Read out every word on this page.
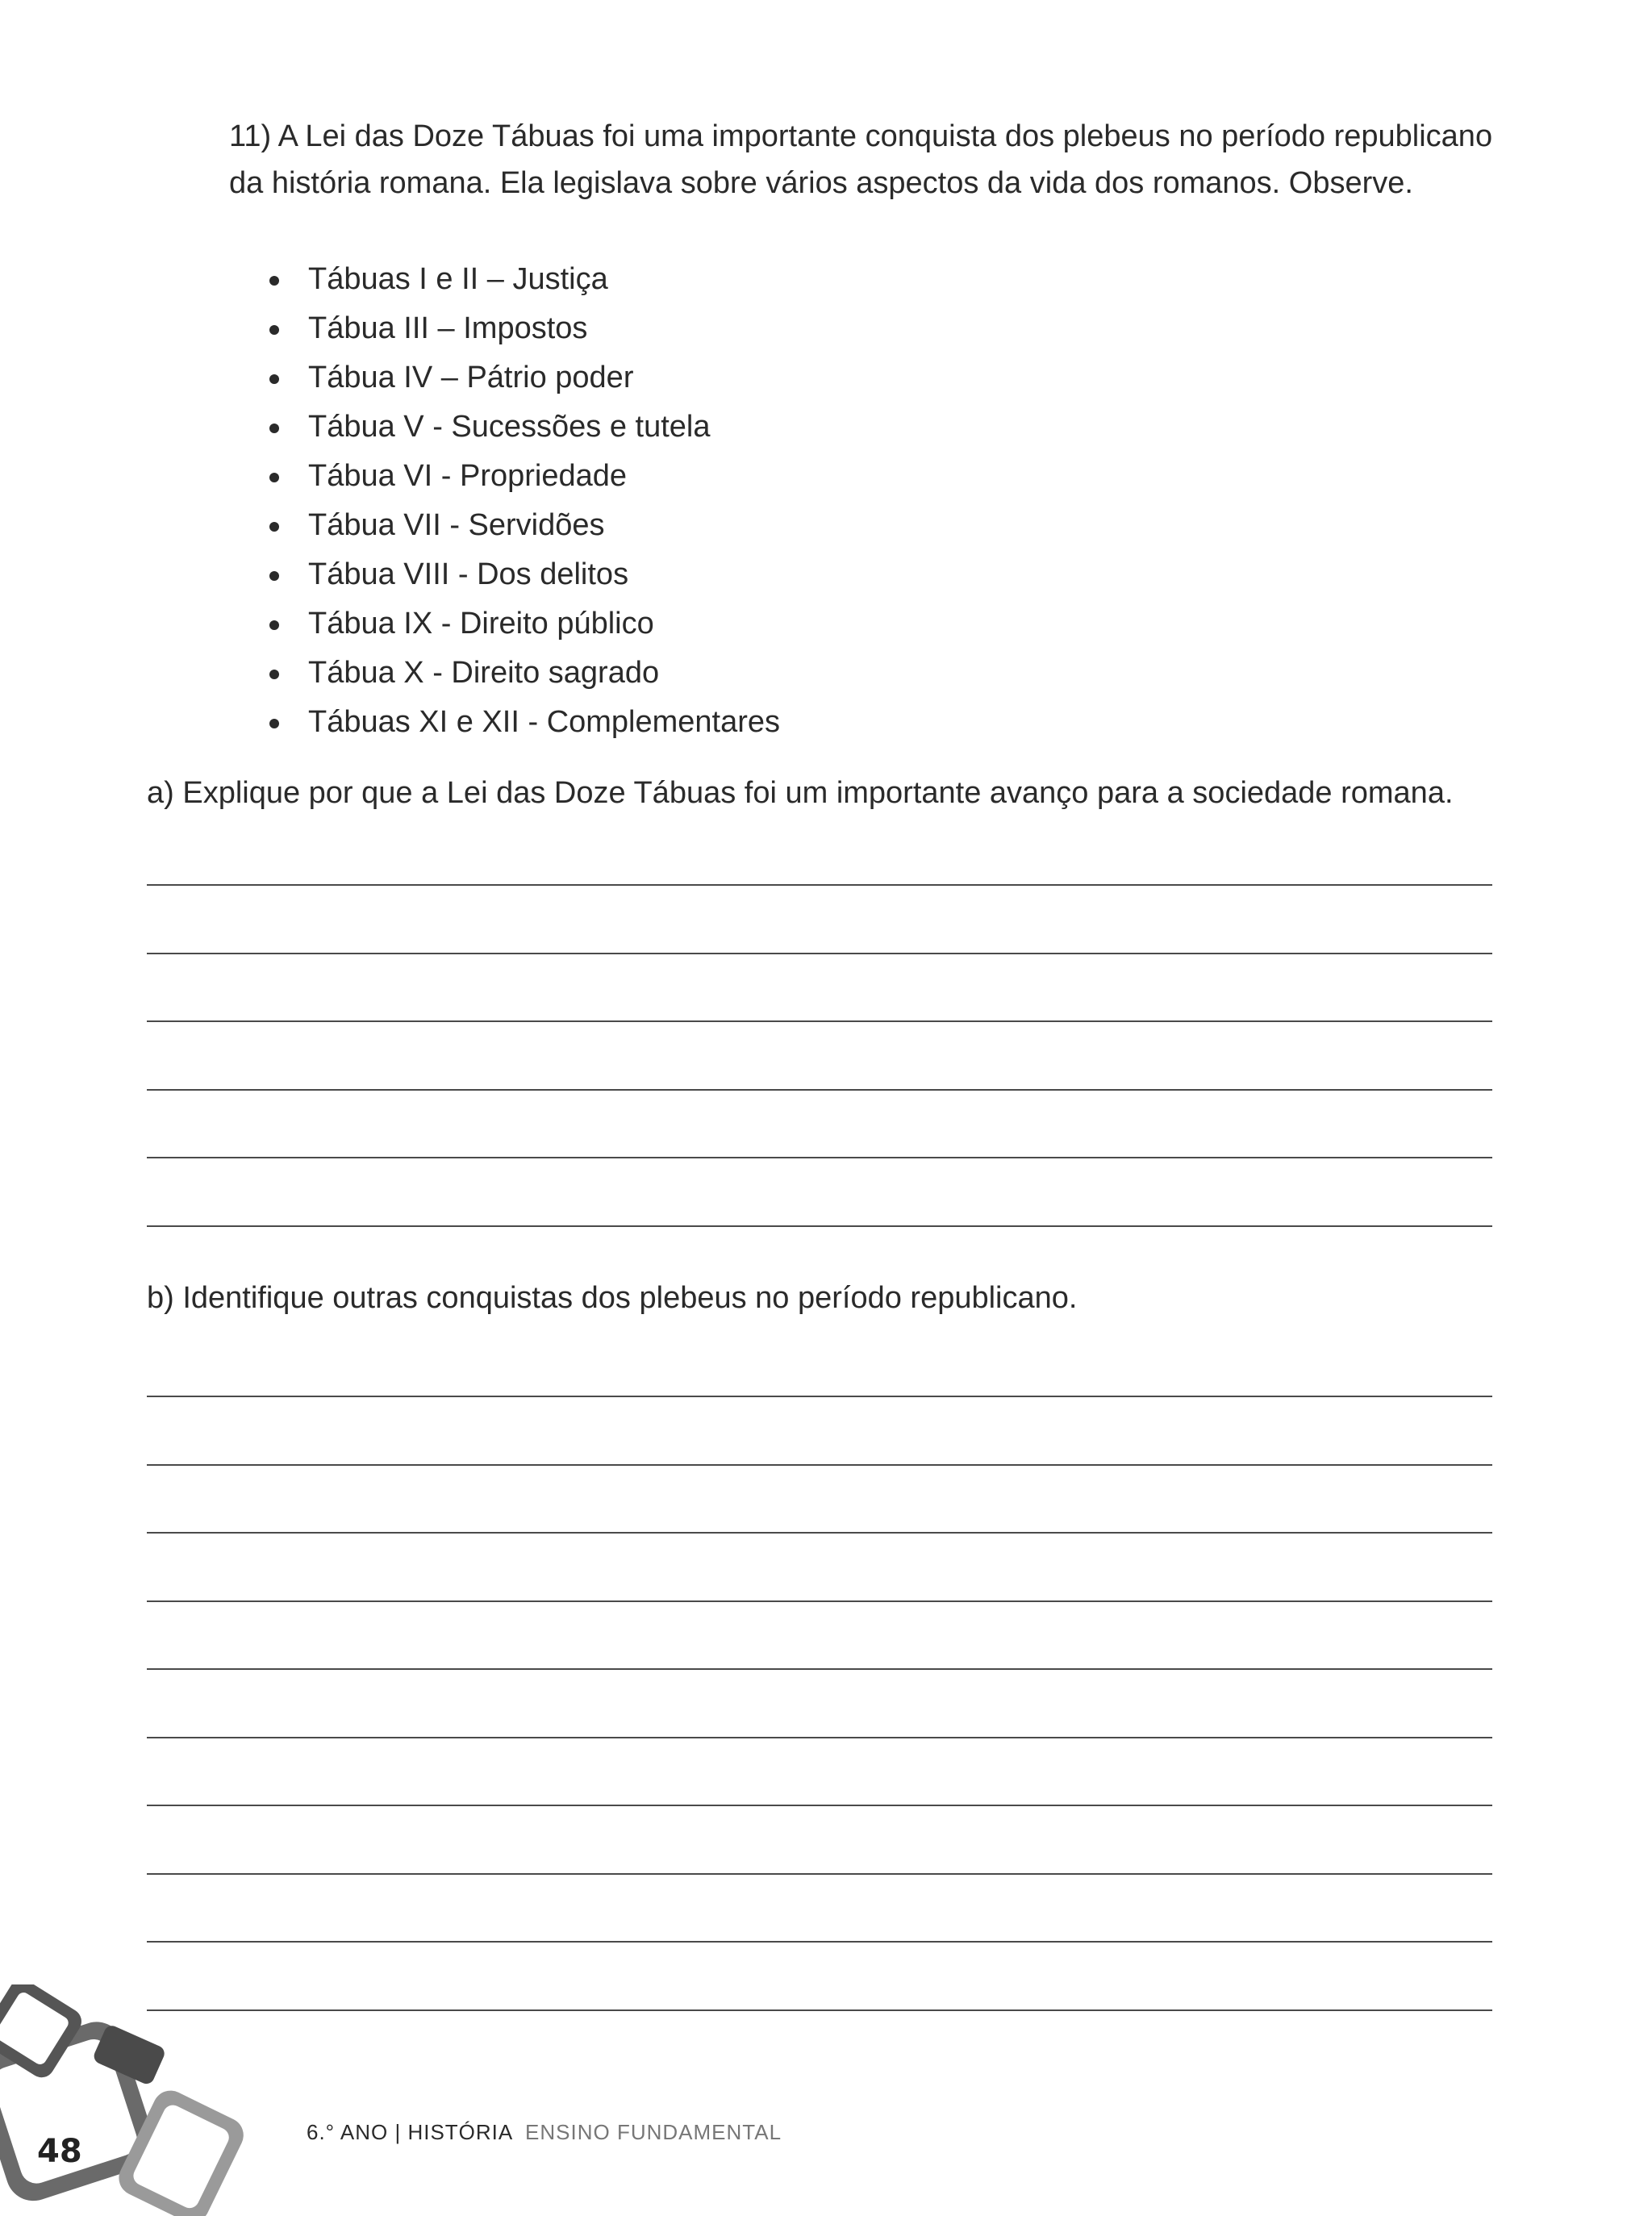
11) A Lei das Doze Tábuas foi uma importante conquista dos plebeus no período republicano da história romana. Ela legislava sobre vários aspectos da vida dos romanos. Observe.

Tábuas I e II – Justiça
Tábua III – Impostos
Tábua IV – Pátrio poder
Tábua V - Sucessões e tutela
Tábua VI - Propriedade
Tábua VII - Servidões
Tábua VIII - Dos delitos
Tábua IX - Direito público
Tábua X - Direito sagrado
Tábuas XI e XII - Complementares

a) Explique por que a Lei das Doze Tábuas foi um importante avanço para a sociedade romana.

b) Identifique outras conquistas dos plebeus no período republicano.

48
6.° ANO | HISTÓRIA ENSINO FUNDAMENTAL
